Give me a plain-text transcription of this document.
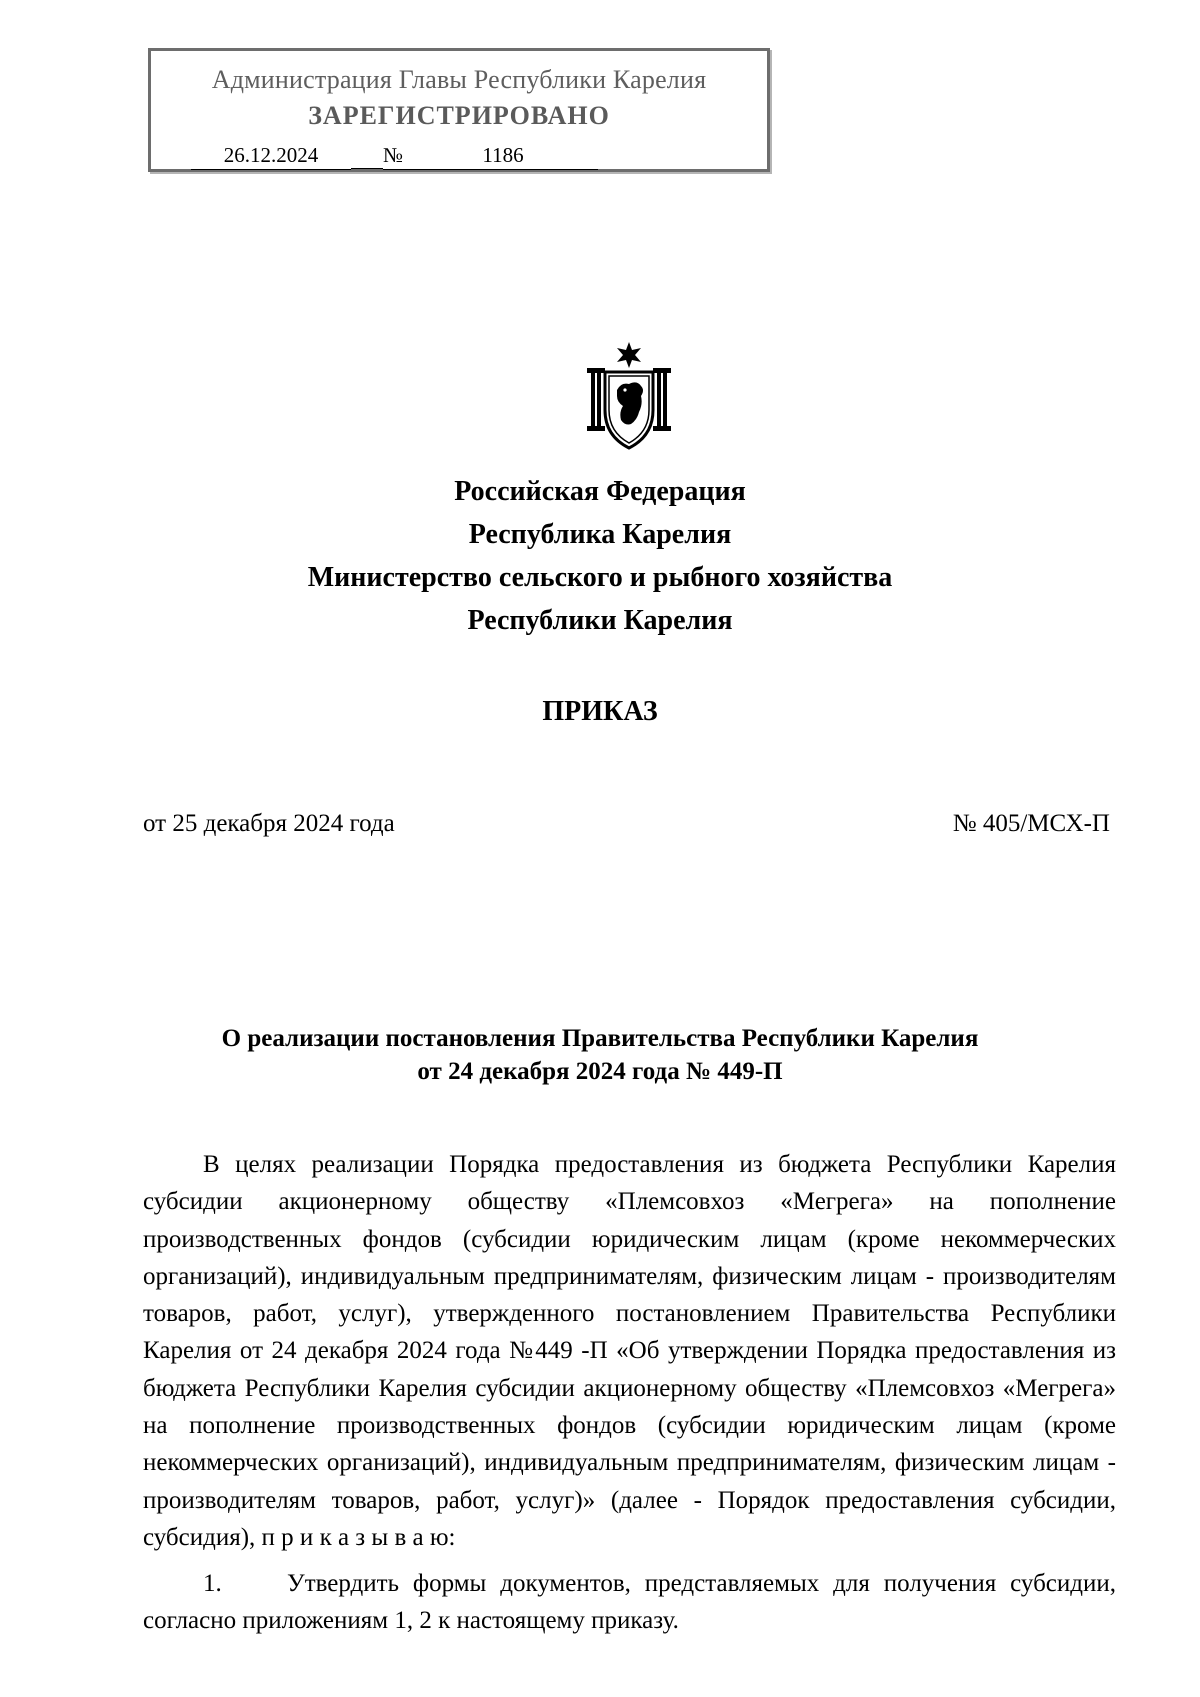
Администрация Главы Республики Карелия
ЗАРЕГИСТРИРОВАНО
26.12.2024	№	1186
Российская Федерация
Республика Карелия
Министерство сельского и рыбного хозяйства
Республики Карелия
ПРИКАЗ
от 25 декабря 2024 года	№ 405/МСХ-П
О реализации постановления Правительства Республики Карелия
от 24 декабря 2024 года № 449-П
В целях реализации Порядка предоставления из бюджета Республики Карелия субсидии акционерному обществу «Племсовхоз «Мегрега» на пополнение производственных фондов (субсидии юридическим лицам (кроме некоммерческих организаций), индивидуальным предпринимателям, физическим лицам - производителям товаров, работ, услуг), утвержденного постановлением Правительства Республики Карелия от 24 декабря 2024 года №449 -П «Об утверждении Порядка предоставления из бюджета Республики Карелия субсидии акционерному обществу «Племсовхоз «Мегрега» на пополнение производственных фондов (субсидии юридическим лицам (кроме некоммерческих организаций), индивидуальным предпринимателям, физическим лицам - производителям товаров, работ, услуг)» (далее - Порядок предоставления субсидии, субсидия), п р и к а з ы в а ю:
1.	Утвердить формы документов, представляемых для получения субсидии, согласно приложениям 1, 2 к настоящему приказу.
